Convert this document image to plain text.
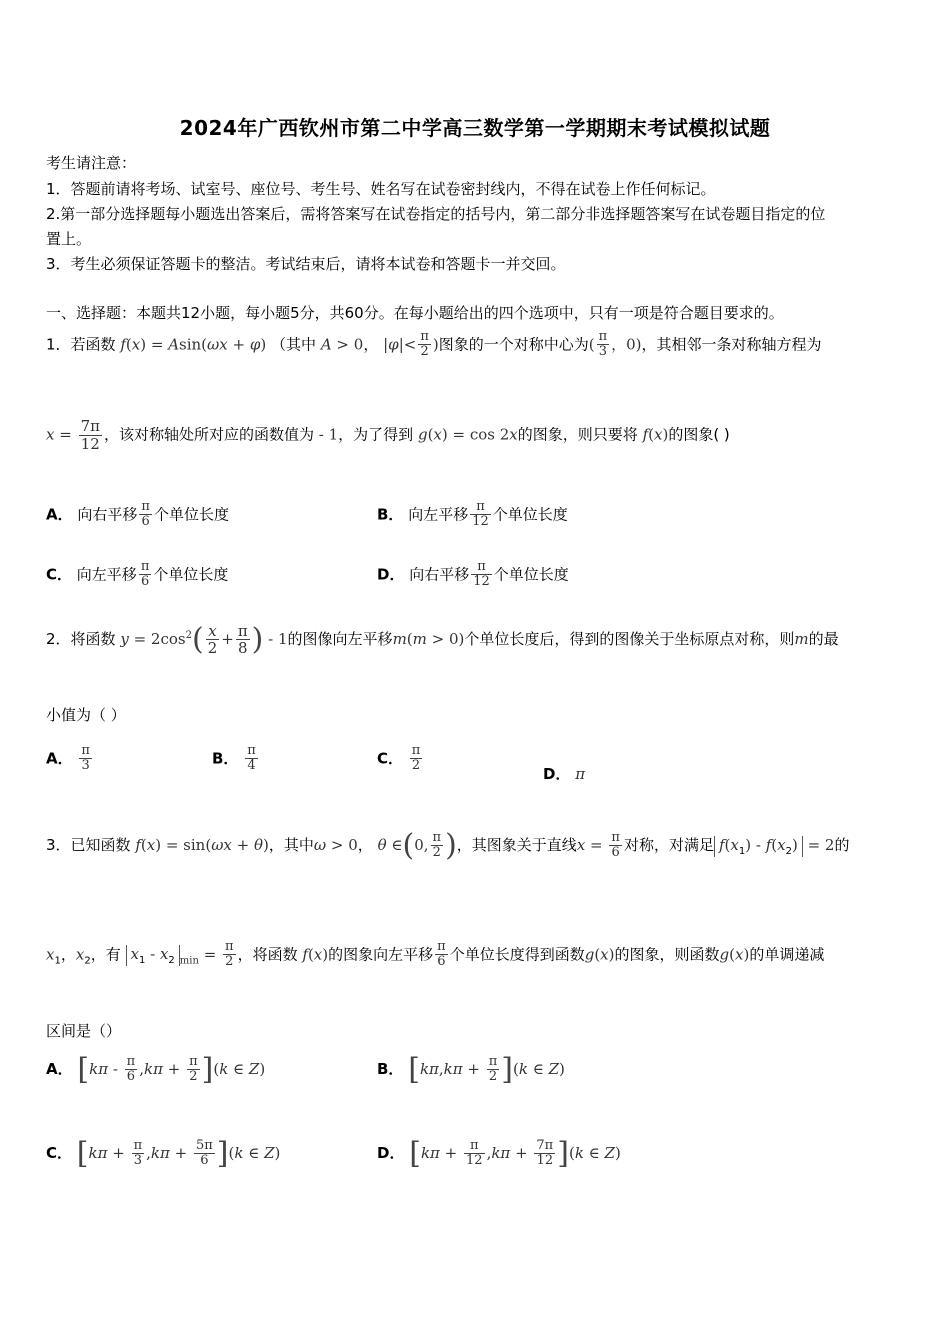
2024年广西钦州市第二中学高三数学第一学期期末考试模拟试题
考生请注意：
1．答题前请将考场、试室号、座位号、考生号、姓名写在试卷密封线内，不得在试卷上作任何标记。
2.第一部分选择题每小题选出答案后，需将答案写在试卷指定的括号内，第二部分非选择题答案写在试卷题目指定的位
置上。
3．考生必须保证答题卡的整洁。考试结束后，请将本试卷和答题卡一并交回。
一、选择题：本题共12小题，每小题5分，共60分。在每小题给出的四个选项中，只有一项是符合题目要求的。
1．若函数 f(x) = Asin(ωx + φ) （其中 A > 0， $|\varphi|< \frac{\pi}{2}$ )图象的一个对称中心为( $\frac{\pi}{3}$ ，0)，其相邻一条对称轴方程为
$x = \frac{7\pi}{12}$ ，该对称轴处所对应的函数值为 - 1，为了得到 g(x) = cos 2x的图象，则只要将 f(x)的图象( )
A． 向右平移 $\frac{\pi}{6}$ 个单位长度	B． 向左平移 $\frac{\pi}{12}$ 个单位长度
C． 向左平移 $\frac{\pi}{6}$ 个单位长度	D． 向右平移 $\frac{\pi}{12}$ 个单位长度
2．将函数 $y = 2\cos^2( \frac{x}{2} + \frac{\pi}{8}$ ) - 1的图像向左平移m(m > 0)个单位长度后，得到的图像关于坐标原点对称，则m的最
小值为（ ）
A． $\frac{\pi}{3}$	B． $\frac{\pi}{4}$	C． $\frac{\pi}{2}$
D． π
3．已知函数 f(x) = sin(ωx + θ)，其中ω > 0， θ ∈(0, $\frac{\pi}{2}$ )，其图象关于直线$x = \frac{\pi}{6}$ 对称，对满足 $f(x_1) - f(x_2) = 2$的
$x_1$，$x_2$，有 $x_1 - x_2$ $_{min} = \frac{\pi}{2}$ ，将函数 f(x)的图象向左平移 $\frac{\pi}{6}$ 个单位长度得到函数g(x)的图象，则函数g(x)的单调递减
区间是（）
A． $[k\pi - \frac{\pi}{6} ,k\pi + \frac{\pi}{2} ](k$ ∈ Z)	B． $[k\pi,k\pi + \frac{\pi}{2} ](k$ ∈ Z)
C． $[k\pi + \frac{\pi}{3} ,k\pi + \frac{5\pi}{6} ](k$ ∈ Z)	D． $[k\pi + \frac{\pi}{12} ,k\pi + \frac{7\pi}{12} ](k$ ∈ Z)
